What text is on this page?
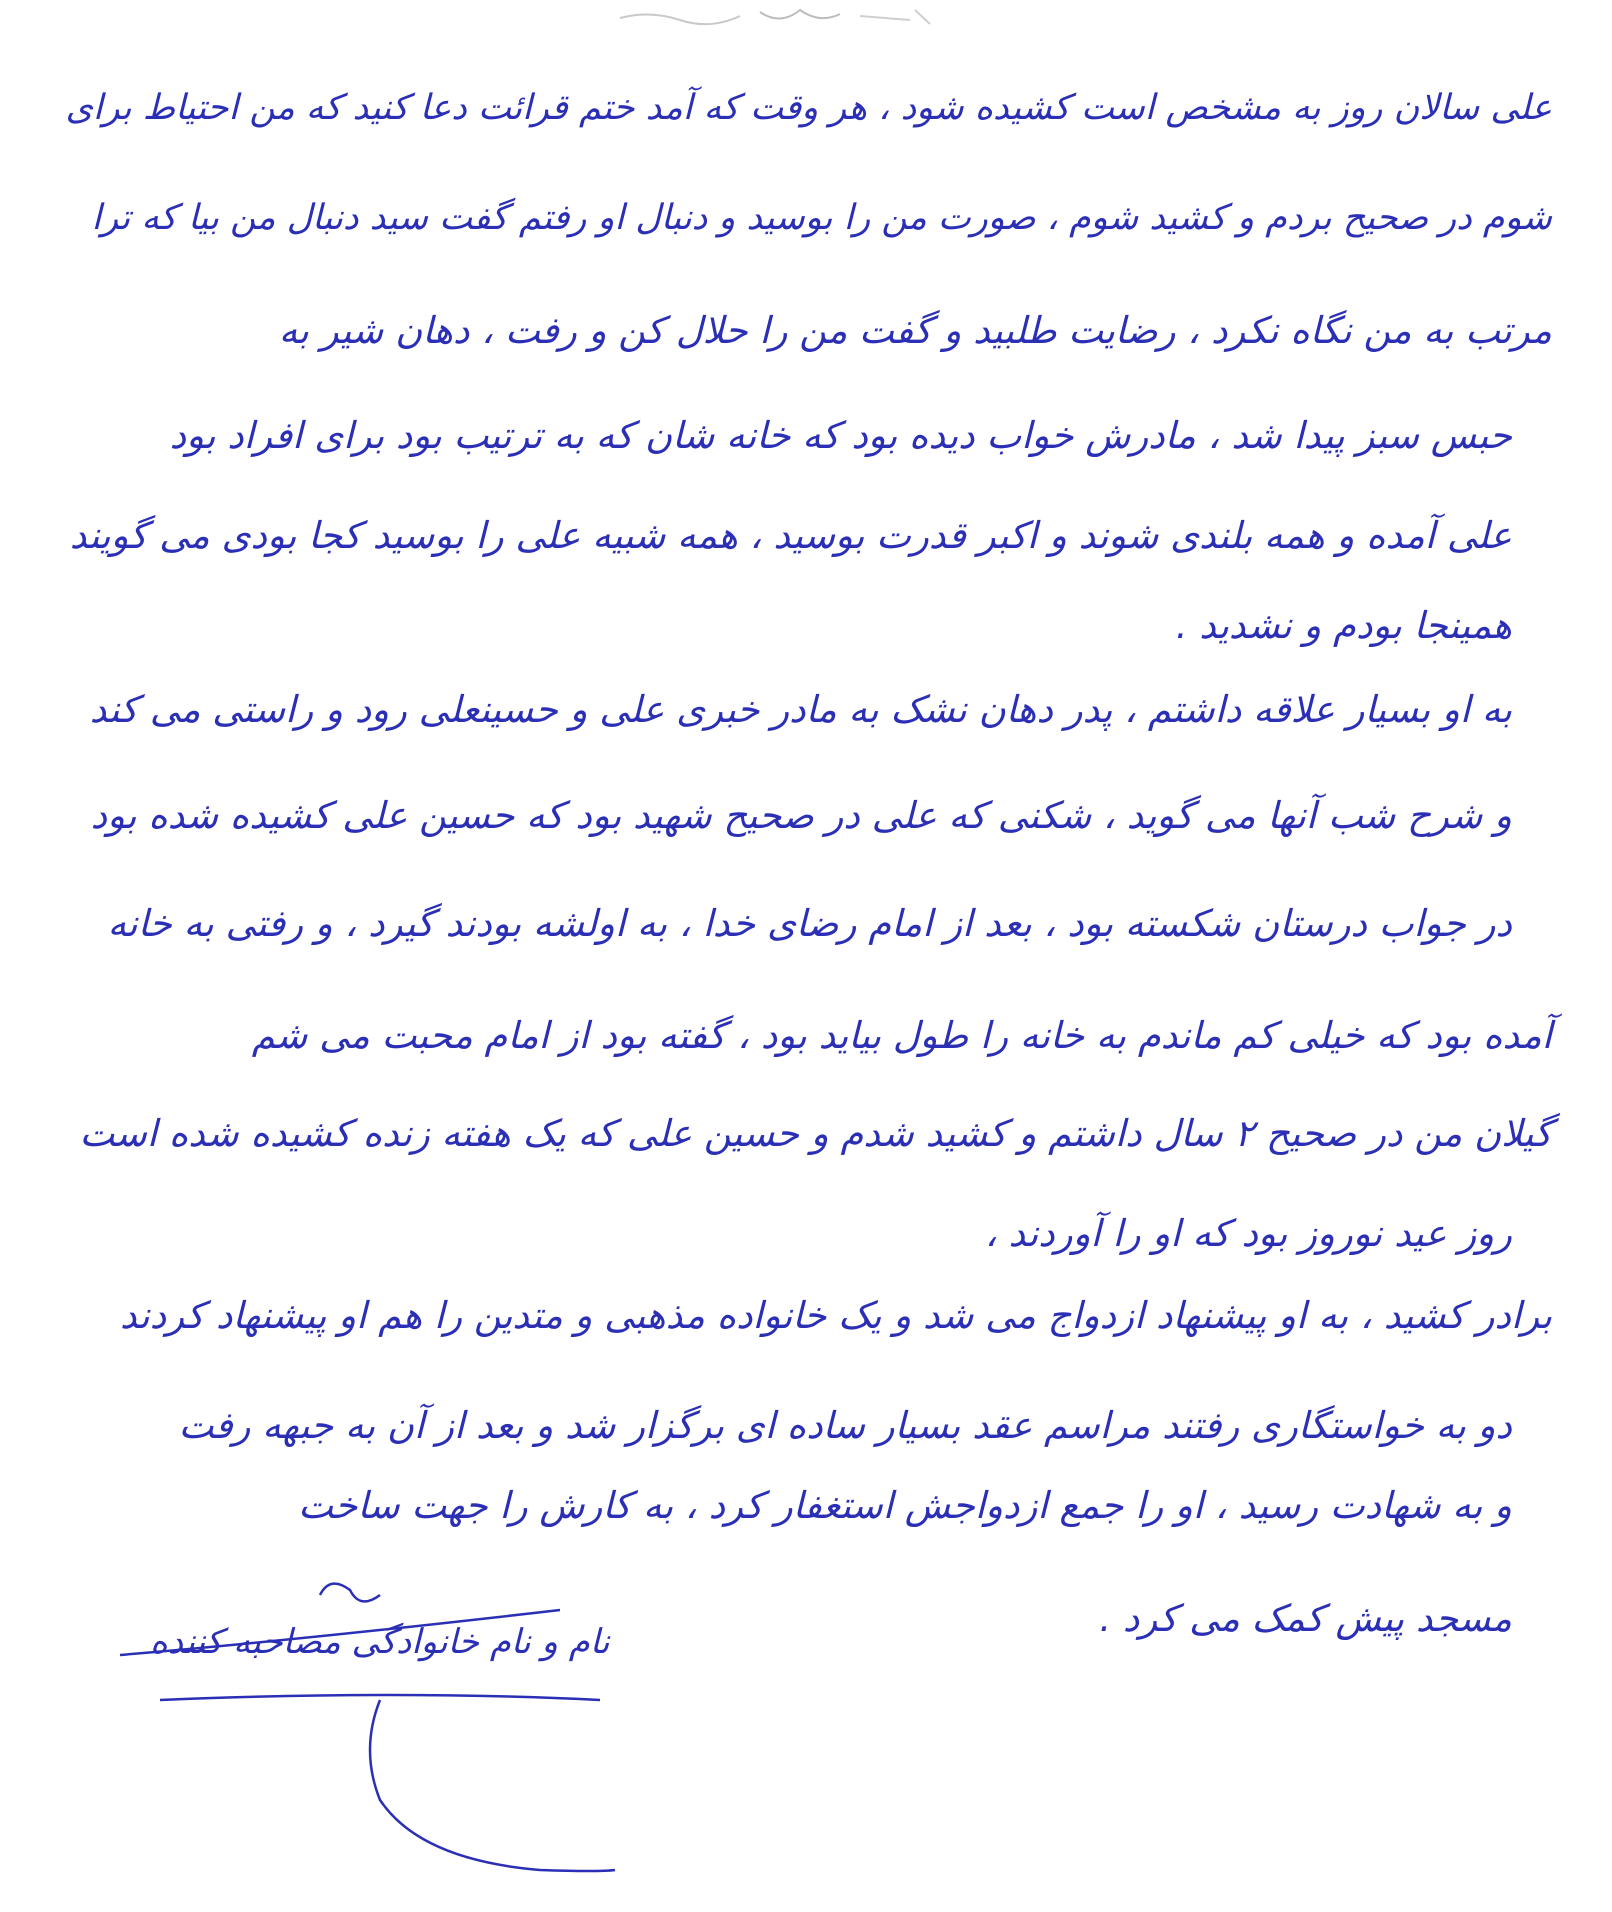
علی سالان روز به مشخص است کشیده شود ، هر وقت که آمد ختم قرائت دعا کنید که من احتیاط برای
شوم در صحیح بردم و کشید شوم ، صورت من را بوسید و دنبال او رفتم گفت سید دنبال من بیا که ترا
مرتب به من نگاه نکرد ، رضایت طلبید و گفت من را حلال کن و رفت ، دهان شیر به
حبس سبز پیدا شد ، مادرش خواب دیده بود که خانه شان که به ترتیب بود برای افراد بود
علی آمده و همه بلندی شوند و اکبر قدرت بوسید ، همه شبیه علی را بوسید کجا بودی می گویند
همینجا بودم و نشدید .
به او بسیار علاقه داشتم ، پدر دهان نشک به مادر خبری علی و حسینعلی رود و راستی می کند
و شرح شب آنها می گوید ، شکنی که علی در صحیح شهید بود که حسین علی کشیده شده بود
در جواب درستان شکسته بود ، بعد از امام رضای خدا ، به اولشه بودند گیرد ، و رفتی به خانه
آمده بود که خیلی کم ماندم به خانه را طول بیاید بود ، گفته بود از امام محبت می شم
گیلان من در صحیح ۲ سال داشتم و کشید شدم و حسین علی که یک هفته زنده کشیده شده است
روز عید نوروز بود که او را آوردند ،
برادر کشید ، به او پیشنهاد ازدواج می شد و یک خانواده مذهبی و متدین را هم او پیشنهاد کردند
دو به خواستگاری رفتند مراسم عقد بسیار ساده ای برگزار شد و بعد از آن به جبهه رفت
و به شهادت رسید ، او را جمع ازدواجش استغفار کرد ، به کارش را جهت ساخت
مسجد پیش کمک می کرد .
نام و نام خانوادگی مصاحبه کننده
